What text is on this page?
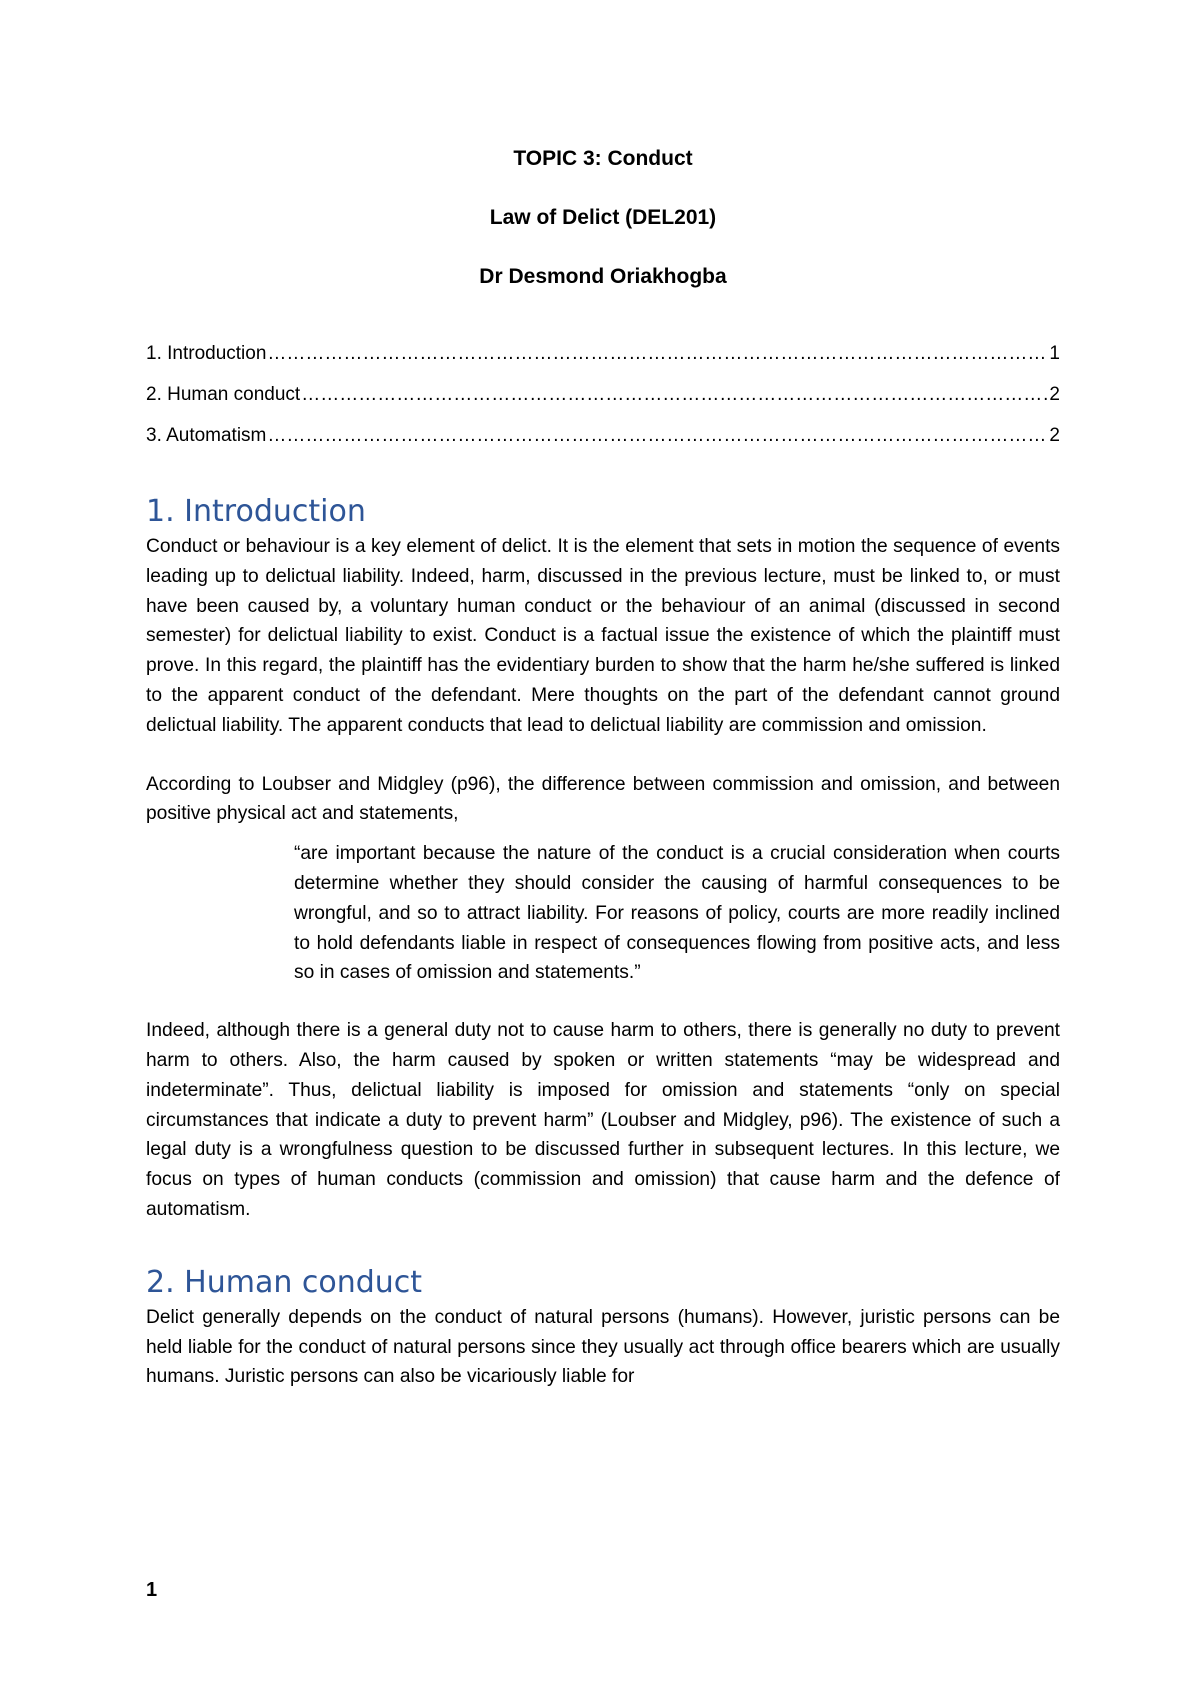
TOPIC 3: Conduct
Law of Delict (DEL201)
Dr Desmond Oriakhogba
1. Introduction ………………………………………………………………………………………………………………………………………………………………………………………………………………………	1
2. Human conduct ………………………………………………………………………………………………………………………………………………………………………………………………………………………	2
3. Automatism ………………………………………………………………………………………………………………………………………………………………………………………………………………………	2
1. Introduction

Conduct or behaviour is a key element of delict. It is the element that sets in motion the sequence of events leading up to delictual liability. Indeed, harm, discussed in the previous lecture, must be linked to, or must have been caused by, a voluntary human conduct or the behaviour of an animal (discussed in second semester) for delictual liability to exist. Conduct is a factual issue the existence of which the plaintiff must prove. In this regard, the plaintiff has the evidentiary burden to show that the harm he/she suffered is linked to the apparent conduct of the defendant. Mere thoughts on the part of the defendant cannot ground delictual liability. The apparent conducts that lead to delictual liability are commission and omission.

According to Loubser and Midgley (p96), the difference between commission and omission, and between positive physical act and statements,

“are important because the nature of the conduct is a crucial consideration when courts determine whether they should consider the causing of harmful consequences to be wrongful, and so to attract liability. For reasons of policy, courts are more readily inclined to hold defendants liable in respect of consequences flowing from positive acts, and less so in cases of omission and statements.”

Indeed, although there is a general duty not to cause harm to others, there is generally no duty to prevent harm to others. Also, the harm caused by spoken or written statements “may be widespread and indeterminate”. Thus, delictual liability is imposed for omission and statements “only on special circumstances that indicate a duty to prevent harm” (Loubser and Midgley, p96). The existence of such a legal duty is a wrongfulness question to be discussed further in subsequent lectures. In this lecture, we focus on types of human conducts (commission and omission) that cause harm and the defence of automatism.

2. Human conduct

Delict generally depends on the conduct of natural persons (humans). However, juristic persons can be held liable for the conduct of natural persons since they usually act through office bearers which are usually humans. Juristic persons can also be vicariously liable for

1
